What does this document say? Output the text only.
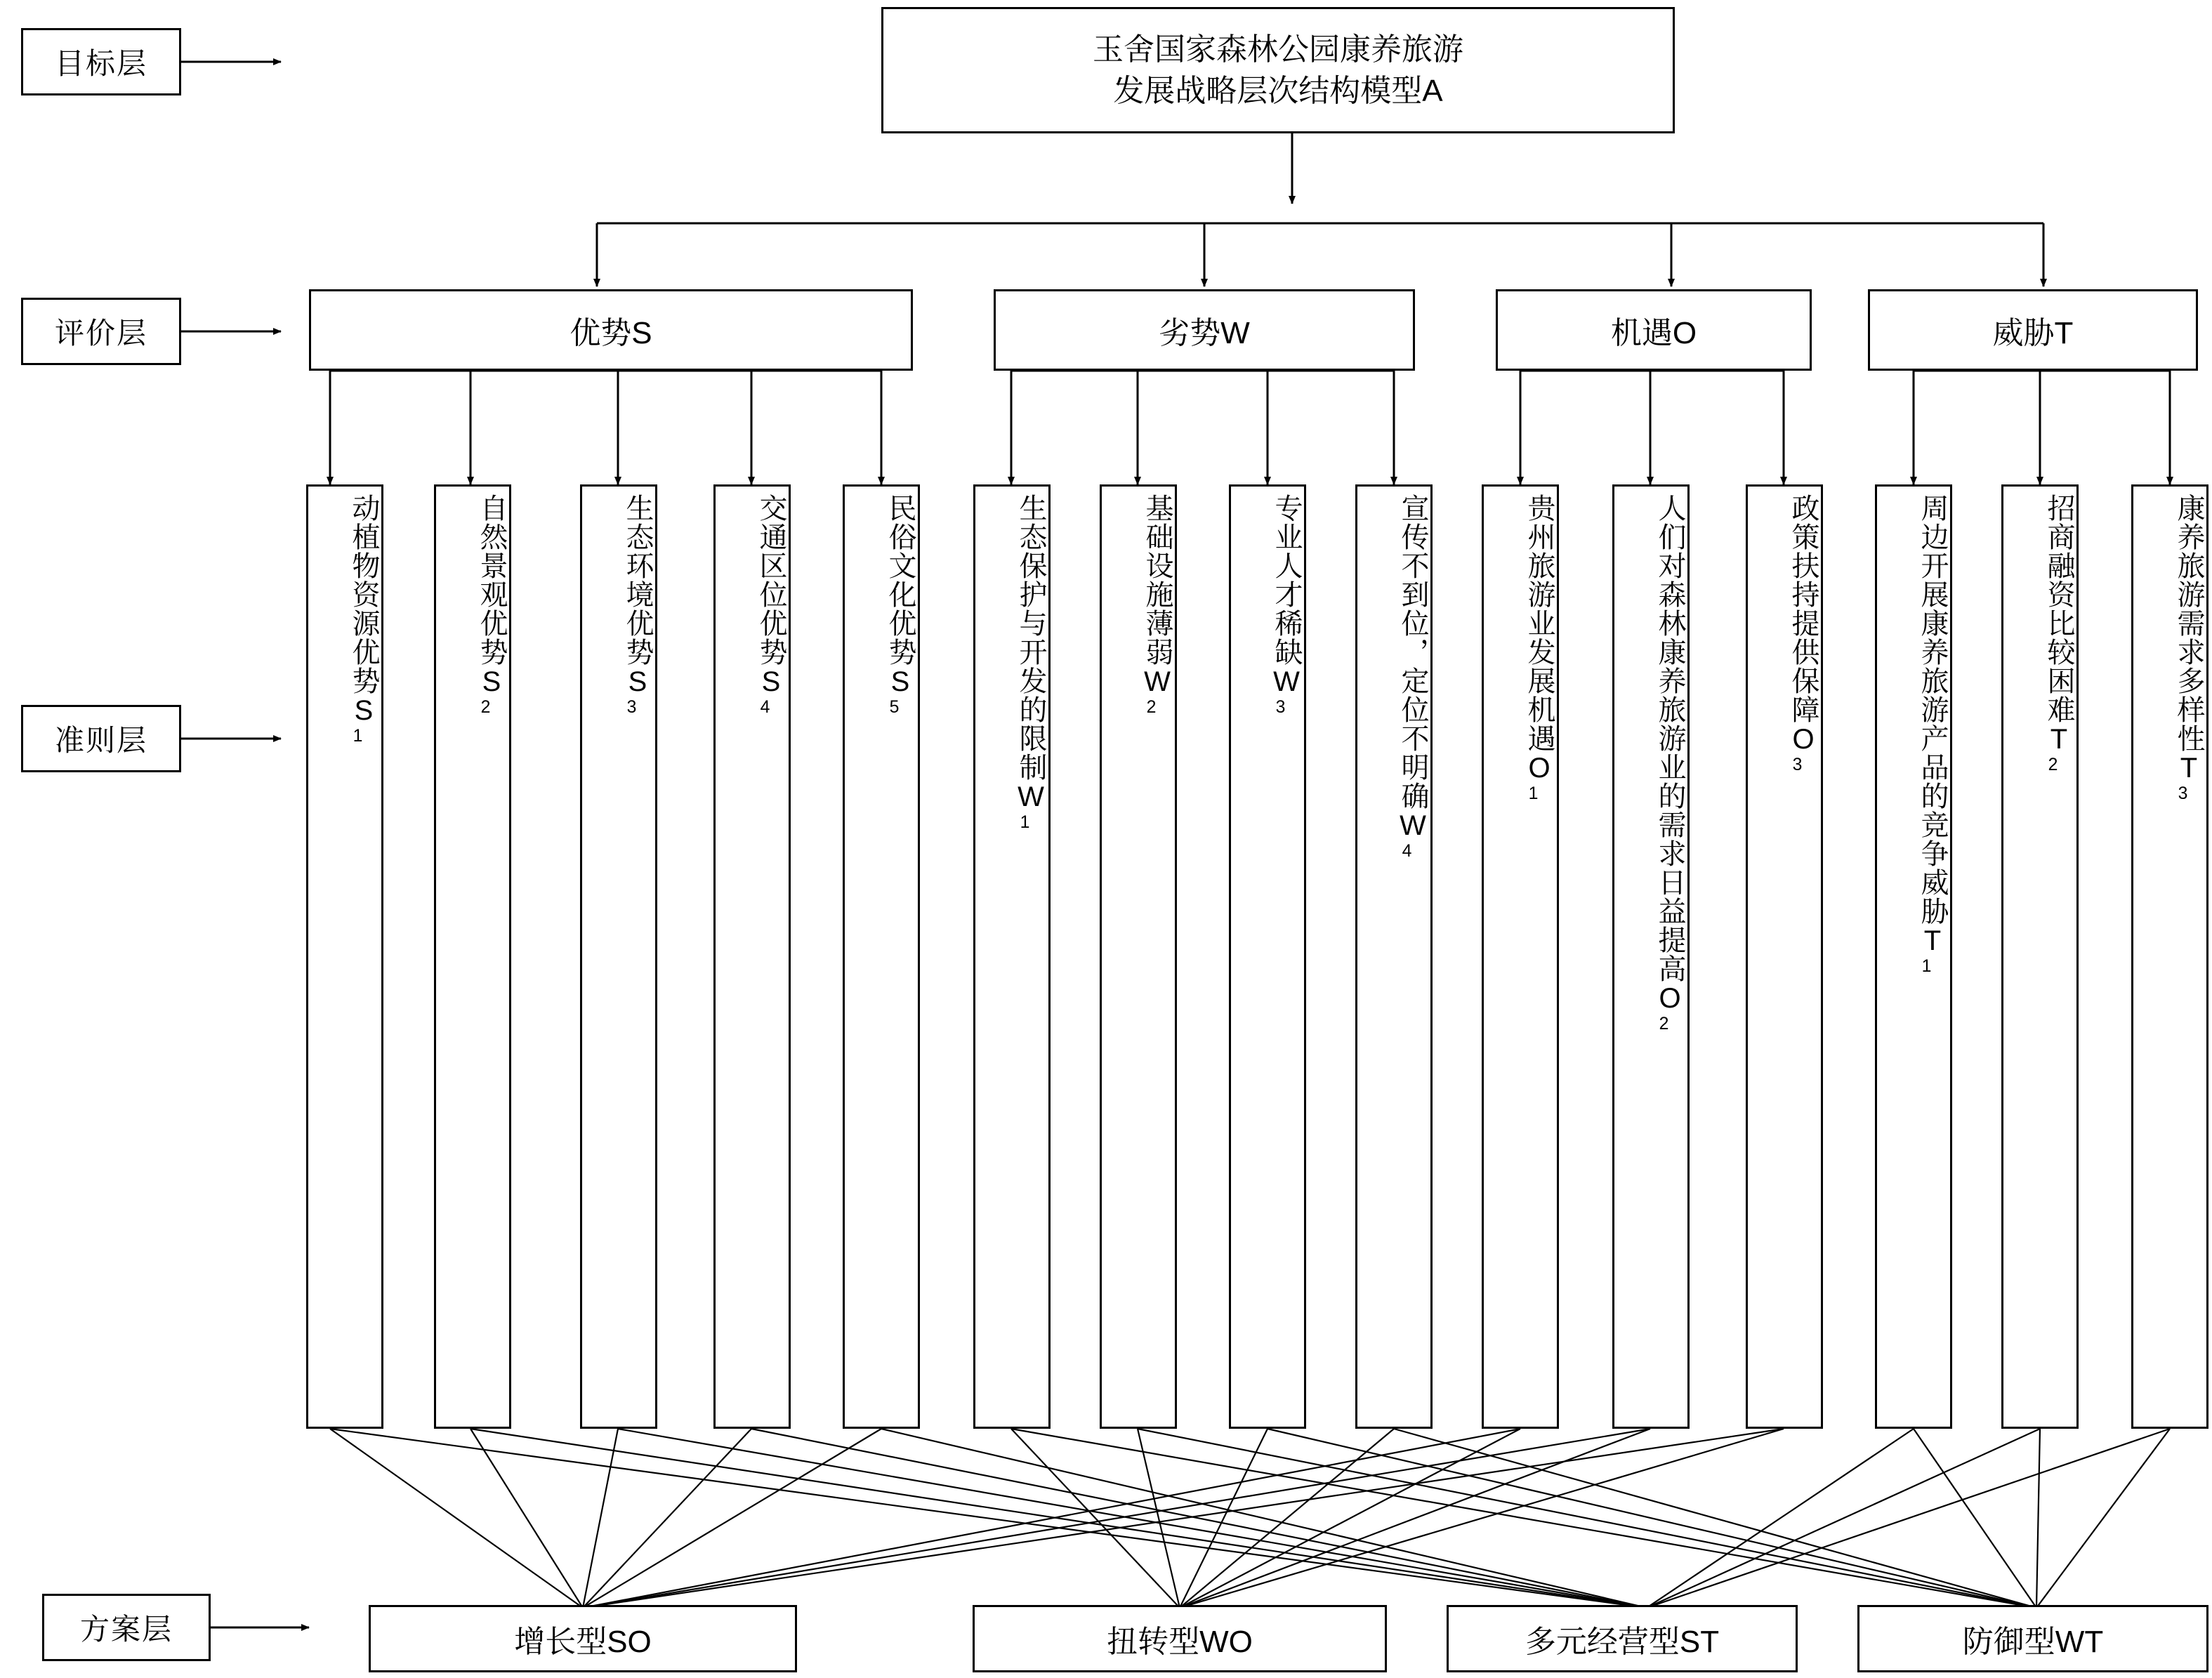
目标层
评价层
准则层
方案层
玉舍国家森林公园康养旅游
发展战略层次结构模型A
优势S	劣势W	机遇O	威胁T
动植物资源优势$S_1$
自然景观优势$S_2$
生态环境优势$S_3$
交通区位优势$S_4$
民俗文化优势$S_5$	生态保护与开发的限制$W_1$
基础设施薄弱$W_2$
专业人才稀缺$W_3$	宣传不到位，定位不明确$W_4$
贵州旅游业发展机遇$O_1$	人们对森林康养旅游业的需求日益提高$O_2$
政策扶持提供保障$O_3$	周边开展康养旅游产品的竞争威胁$T_1$
招商融资比较困难$T_2$	康养旅游需求多样性$T_3$
增长型SO	扭转型WO	多元经营型ST	防御型WT
